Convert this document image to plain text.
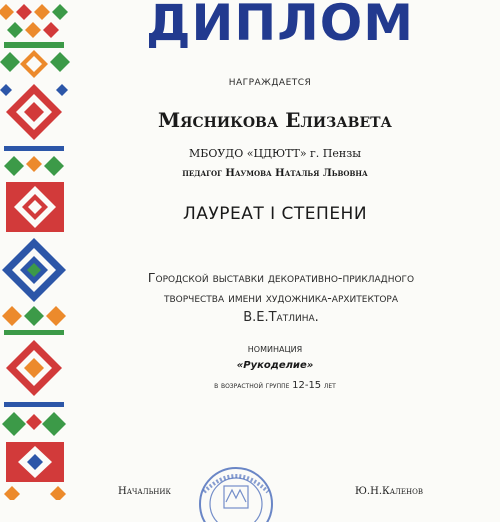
ДИПЛОМ
НАГРАЖДАЕТСЯ
Мясникова Елизавета
МБОУДО «ЦДЮТТ» г. Пензы
педагог Наумова Наталья Львовна
ЛАУРЕАТ I СТЕПЕНИ
Городской выставки декоративно-прикладного
творчества имени художника-архитектора
В.Е.Татлина.
НОМИНАЦИЯ
«Рукоделие»
в возрастной группе 12-15 лет
Начальник	Ю.Н.Каленов
